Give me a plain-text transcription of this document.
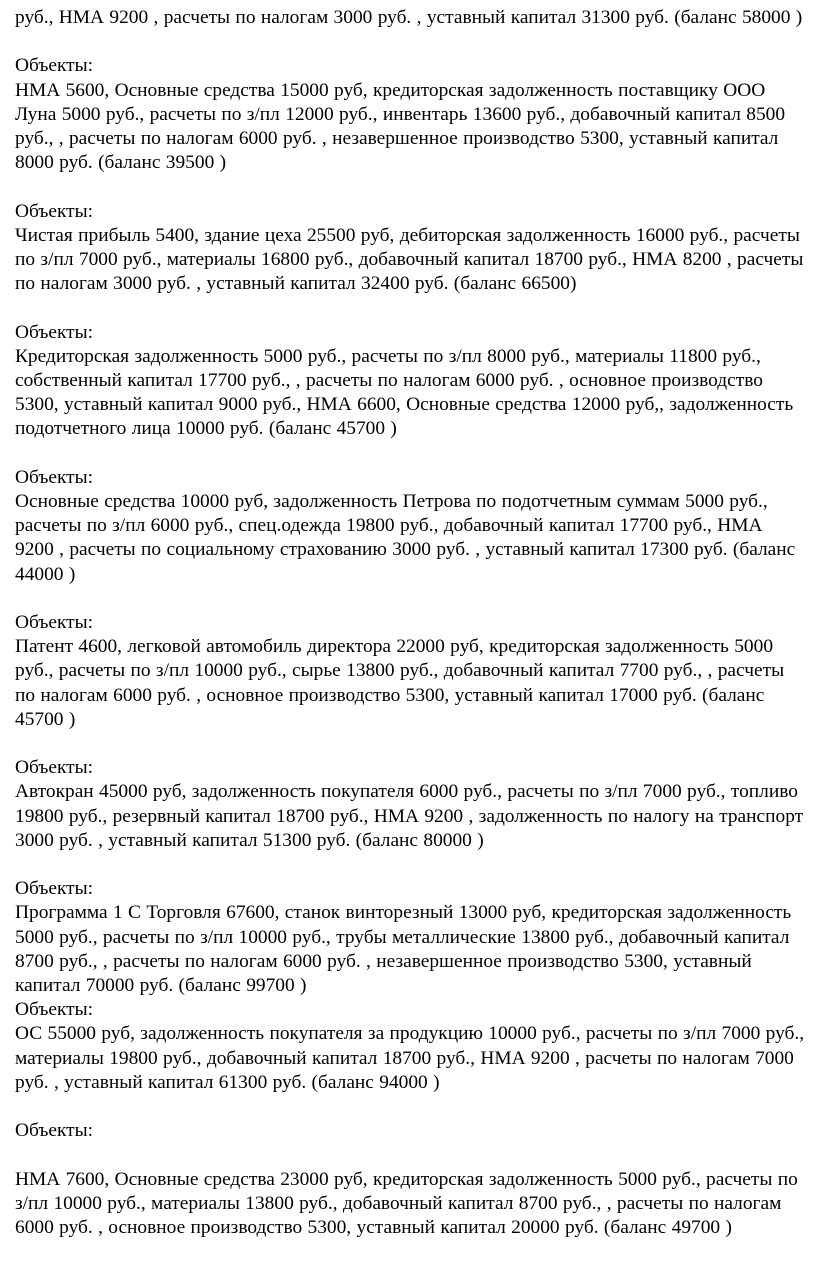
руб., НМА 9200 , расчеты по налогам 3000 руб. , уставный капитал 31300 руб. (баланс 58000 )

Объекты:

НМА 5600, Основные средства 15000 руб, кредиторская задолженность поставщику ООО Луна 5000 руб., расчеты по з/пл 12000 руб., инвентарь 13600 руб., добавочный капитал 8500 руб., , расчеты по налогам 6000 руб. , незавершенное производство 5300, уставный капитал 8000 руб. (баланс 39500 )

Объекты:

Чистая прибыль 5400, здание цеха 25500 руб, дебиторская задолженность 16000 руб., расчеты по з/пл 7000 руб., материалы 16800 руб., добавочный капитал 18700 руб., НМА 8200 , расчеты по налогам 3000 руб. , уставный капитал 32400 руб. (баланс 66500)

Объекты:

Кредиторская задолженность 5000 руб., расчеты по з/пл 8000 руб., материалы 11800 руб., собственный капитал 17700 руб., , расчеты по налогам 6000 руб. , основное производство 5300, уставный капитал 9000 руб., НМА 6600, Основные средства 12000 руб,, задолженность подотчетного лица 10000 руб. (баланс 45700 )

Объекты:

Основные средства 10000 руб, задолженность Петрова по подотчетным суммам 5000 руб., расчеты по з/пл 6000 руб., спец.одежда 19800 руб., добавочный капитал 17700 руб., НМА 9200 , расчеты по социальному страхованию 3000 руб. , уставный капитал 17300 руб. (баланс 44000 )

Объекты:

Патент 4600, легковой автомобиль директора 22000 руб, кредиторская задолженность 5000 руб., расчеты по з/пл 10000 руб., сырье 13800 руб., добавочный капитал 7700 руб., , расчеты по налогам 6000 руб. , основное производство 5300, уставный капитал 17000 руб. (баланс 45700 )

Объекты:

Автокран 45000 руб, задолженность покупателя 6000 руб., расчеты по з/пл 7000 руб., топливо 19800 руб., резервный капитал 18700 руб., НМА 9200 , задолженность по налогу на транспорт 3000 руб. , уставный капитал 51300 руб. (баланс 80000 )

Объекты:

Программа 1 С Торговля 67600, станок винторезный 13000 руб, кредиторская задолженность 5000 руб., расчеты по з/пл 10000 руб., трубы металлические 13800 руб., добавочный капитал 8700 руб., , расчеты по налогам 6000 руб. , незавершенное производство 5300, уставный капитал 70000 руб. (баланс 99700 )

Объекты:

ОС 55000 руб, задолженность покупателя за продукцию 10000 руб., расчеты по з/пл 7000 руб., материалы 19800 руб., добавочный капитал 18700 руб., НМА 9200 , расчеты по налогам 7000 руб. , уставный капитал 61300 руб. (баланс 94000 )

Объекты:

НМА 7600, Основные средства 23000 руб, кредиторская задолженность 5000 руб., расчеты по з/пл 10000 руб., материалы 13800 руб., добавочный капитал 8700 руб., , расчеты по налогам 6000 руб. , основное производство 5300, уставный капитал 20000 руб. (баланс 49700 )
